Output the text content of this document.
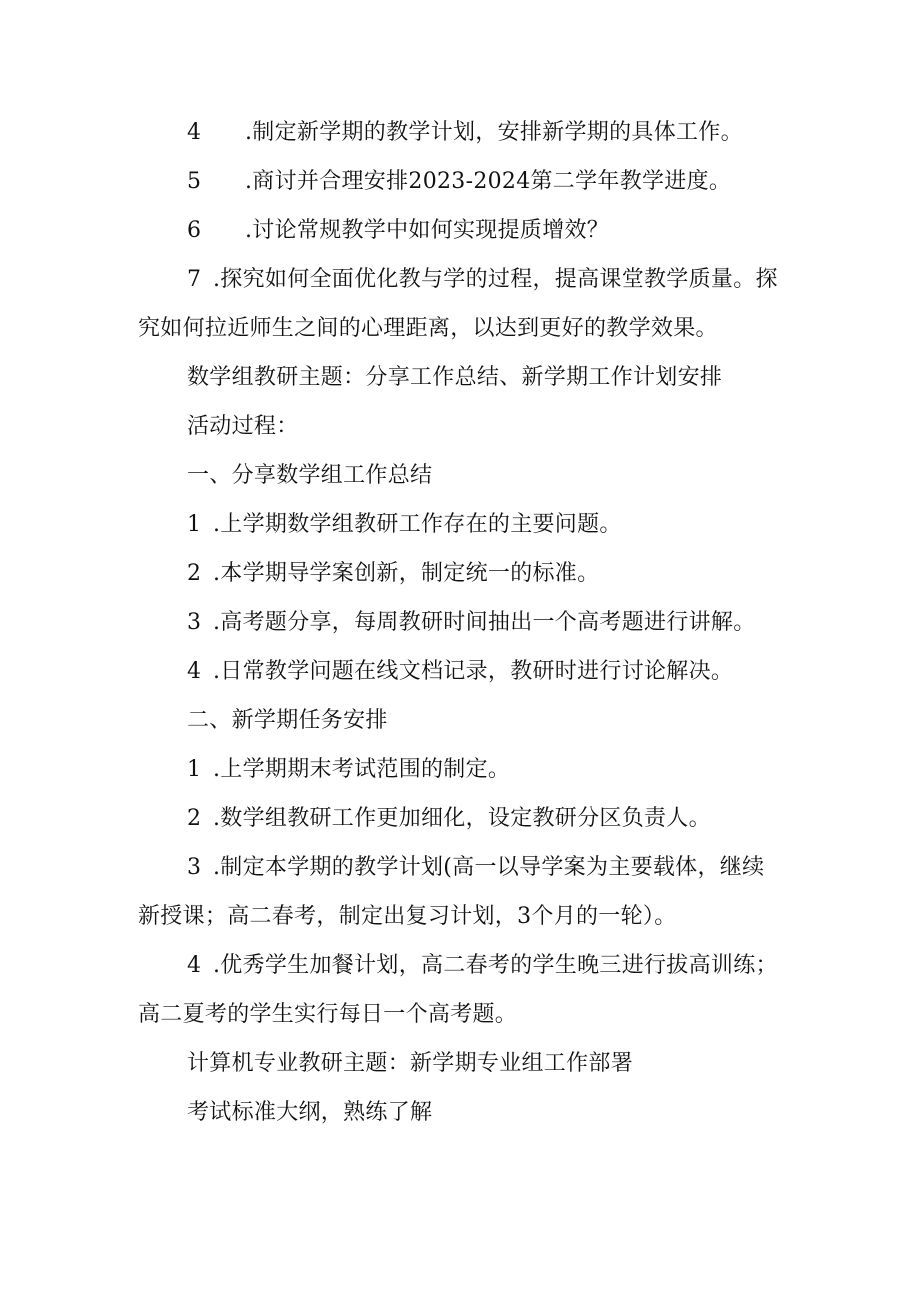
4 .制定新学期的教学计划，安排新学期的具体工作。
5 .商讨并合理安排2023-2024第二学年教学进度。
6 .讨论常规教学中如何实现提质增效？
7 .探究如何全面优化教与学的过程，提高课堂教学质量。探
究如何拉近师生之间的心理距离，以达到更好的教学效果。
数学组教研主题：分享工作总结、新学期工作计划安排
活动过程：
一、分享数学组工作总结
1 .上学期数学组教研工作存在的主要问题。
2 .本学期导学案创新，制定统一的标准。
3 .高考题分享，每周教研时间抽出一个高考题进行讲解。
4 .日常教学问题在线文档记录，教研时进行讨论解决。
二、新学期任务安排
1 .上学期期末考试范围的制定。
2 .数学组教研工作更加细化，设定教研分区负责人。
3 .制定本学期的教学计划(高一以导学案为主要载体，继续
新授课；高二春考，制定出复习计划，3个月的一轮）。
4 .优秀学生加餐计划，高二春考的学生晚三进行拔高训练；
高二夏考的学生实行每日一个高考题。
计算机专业教研主题：新学期专业组工作部署
考试标准大纲，熟练了解
